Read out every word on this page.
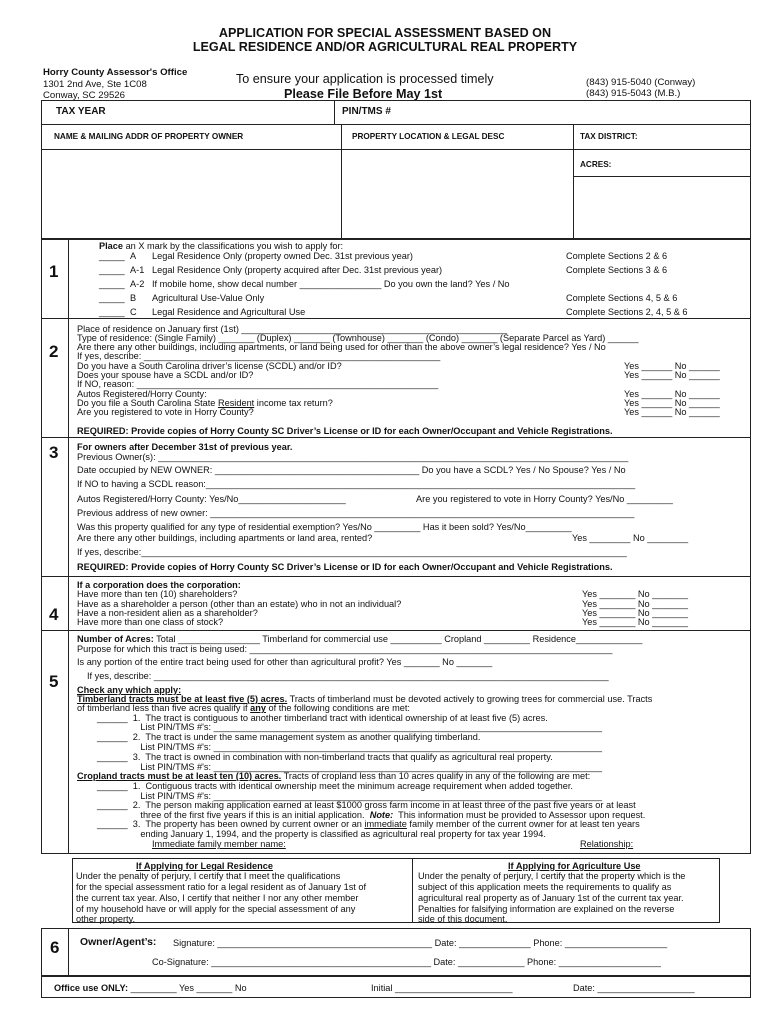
APPLICATION FOR SPECIAL ASSESSMENT BASED ON
LEGAL RESIDENCE AND/OR AGRICULTURAL REAL PROPERTY
Horry County Assessor's Office
1301 2nd Ave, Ste 1C08
Conway, SC 29526
To ensure your application is processed timely
Please File Before May 1st
(843) 915-5040 (Conway)
(843) 915-5043 (M.B.)
TAX YEAR	PIN/TMS #
NAME & MAILING ADDR OF PROPERTY OWNER	PROPERTY LOCATION & LEGAL DESC	TAX DISTRICT:
ACRES:
1
Place an X mark by the classifications you wish to apply for:
_____ A Legal Residence Only (property owned Dec. 31st previous year)	Complete Sections 2 & 6
_____ A-1 Legal Residence Only (property acquired after Dec. 31st previous year)	Complete Sections 3 & 6
_____ A-2 If mobile home, show decal number ________________ Do you own the land? Yes / No
_____ B Agricultural Use-Value Only	Complete Sections 4, 5 & 6
_____ C Legal Residence and Agricultural Use	Complete Sections 2, 4, 5 & 6
2
Place of residence on January first (1st) ____________________________________________________
Type of residence: (Single Family) _______ (Duplex) _______ (Townhouse) _______ (Condo) _______ (Separate Parcel as Yard) ______
Are there any other buildings, including apartments, or land being used for other than the above owner’s legal residence? Yes / No
If yes, describe: __________________________________________________________
Do you have a South Carolina driver’s license (SCDL) and/or ID?	Yes ______ No ______
Does your spouse have a SCDL and/or ID?	Yes ______ No ______
If NO, reason: ___________________________________________________________
Autos Registered/Horry County:	Yes ______ No ______
Do you file a South Carolina State Resident income tax return?	Yes ______ No ______
Are you registered to vote in Horry County?	Yes ______ No ______
REQUIRED: Provide copies of Horry County SC Driver’s License or ID for each Owner/Occupant and Vehicle Registrations.
3 For owners after December 31st of previous year.
Previous Owner(s): ____________________________________________________________________________________________
Date occupied by NEW OWNER: ________________________________________ Do you have a SCDL? Yes / No Spouse? Yes / No
If NO to having a SCDL reason:____________________________________________________________________________________
Autos Registered/Horry County: Yes/No_____________________	Are you registered to vote in Horry County? Yes/No _________
Previous address of new owner: ___________________________________________________________________________________
Was this property qualified for any type of residential exemption? Yes/No _________ Has it been sold? Yes/No_________
Are there any other buildings, including apartments or land area, rented?	Yes ________ No ________
If yes, describe:_______________________________________________________________________________________________
REQUIRED: Provide copies of Horry County SC Driver’s License or ID for each Owner/Occupant and Vehicle Registrations.
4
If a corporation does the corporation:
Have more than ten (10) shareholders?	Yes _______ No _______
Have as a shareholder a person (other than an estate) who in not an individual?	Yes _______ No _______
Have a non-resident alien as a shareholder?	Yes _______ No _______
Have more than one class of stock?	Yes _______ No _______
5
Number of Acres: Total ________________ Timberland for commercial use __________ Cropland _________ Residence_____________
Purpose for which this tract is being used: _______________________________________________________________________
Is any portion of the entire tract being used for other than agricultural profit? Yes _______ No _______
If yes, describe: _________________________________________________________________________________________
Check any which apply:
Timberland tracts must be at least five (5) acres. Tracts of timberland must be devoted actively to growing trees for commercial use. Tracts
of timberland less than five acres qualify if any of the following conditions are met:
______  1.  The tract is contiguous to another timberland tract with identical ownership of at least five (5) acres.
List PIN/TMS #'s: ____________________________________________________________________________
______  2.  The tract is under the same management system as another qualifying timberland.
List PIN/TMS #'s: ____________________________________________________________________________
______  3.  The tract is owned in combination with non-timberland tracts that qualify as agricultural real property.
List PIN/TMS #'s: ____________________________________________________________________________
Cropland tracts must be at least ten (10) acres. Tracts of cropland less than 10 acres qualify in any of the following are met:
______  1.  Contiguous tracts with identical ownership meet the minimum acreage requirement when added together.
List PIN/TMS #'s: ____________________________________________________________________________
______  2.  The person making application earned at least $1000 gross farm income in at least three of the past five years or at least
three of the first five years if this is an initial application.  Note:  This information must be provided to Assessor upon request.
______  3.  The property has been owned by current owner or an immediate family member of the current owner for at least ten years
ending January 1, 1994, and the property is classified as agricultural real property for tax year 1994.
Immediate family member name:	Relationship:
If Applying for Legal Residence
Under the penalty of perjury, I certify that I meet the qualifications
for the special assessment ratio for a legal resident as of January 1st of
the current tax year. Also, I certify that neither I nor any other member
of my household have or will apply for the special assessment of any
other property.
If Applying for Agriculture Use
Under the penalty of perjury, I certify that the property which is the
subject of this application meets the requirements to qualify as
agricultural real property as of January 1st of the current tax year.
Penalties for falsifying information are explained on the reverse
side of this document.
6 Owner/Agent’s: Signature: __________________________________________ Date: ______________ Phone: ____________________
Co-Signature: ___________________________________________ Date: _____________ Phone: ____________________
Office use ONLY: _________ Yes _______ No	Initial _______________________	Date: ___________________
